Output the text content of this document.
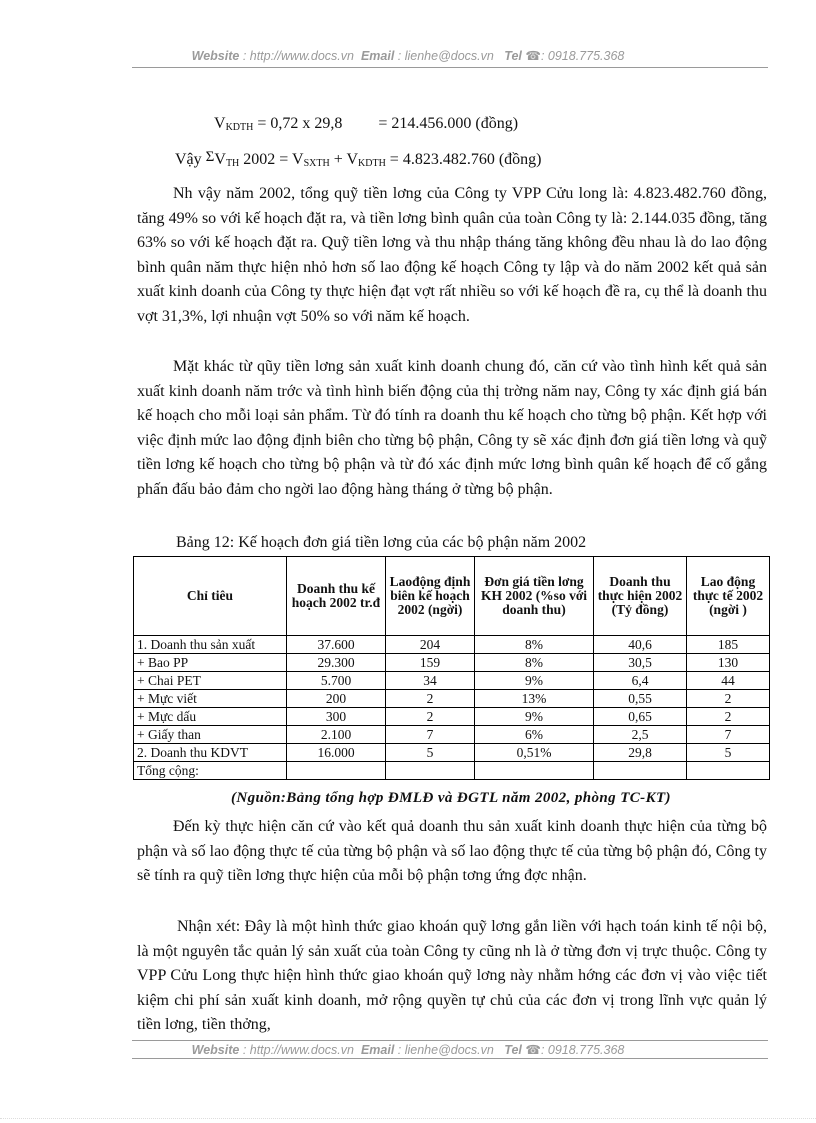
Website : http://www.docs.vn Email : lienhe@docs.vn Tel ☎: 0918.775.368
$V_{KDTH} = 0,72$ x 29,8 = 214.456.000 (đồng)
Vậy $\Sigma V_{TH}$ $2002 = V_{SXTH} + V_{KDTH} = 4.823.482.760$ (đồng)

Nh vậy năm 2002, tổng quỹ tiền lơng của Công ty VPP Cửu long là: 4.823.482.760 đồng, tăng 49% so với kế hoạch đặt ra, và tiền lơng bình quân của toàn Công ty là: 2.144.035 đồng, tăng 63% so với kế hoạch đặt ra. Quỹ tiền lơng và thu nhập tháng tăng không đều nhau là do lao động bình quân năm thực hiện nhỏ hơn số lao động kế hoạch Công ty lập và do năm 2002 kết quả sản xuất kinh doanh của Công ty thực hiện đạt vợt rất nhiều so với kế hoạch đề ra, cụ thể là doanh thu vợt 31,3%, lợi nhuận vợt 50% so với năm kế hoạch.

Mặt khác từ qũy tiền lơng sản xuất kinh doanh chung đó, căn cứ vào tình hình kết quả sản xuất kinh doanh năm trớc và tình hình biến động của thị trờng năm nay, Công ty xác định giá bán kế hoạch cho mỗi loại sản phẩm. Từ đó tính ra doanh thu kế hoạch cho từng bộ phận. Kết hợp với việc định mức lao động định biên cho từng bộ phận, Công ty sẽ xác định đơn giá tiền lơng và quỹ tiền lơng kế hoạch cho từng bộ phận và từ đó xác định mức lơng bình quân kế hoạch để cố gắng phấn đấu bảo đảm cho ngời lao động hàng tháng ở từng bộ phận.

Bảng 12: Kế hoạch đơn giá tiền lơng của các bộ phận năm 2002
Chỉ tiêu	Doanh thu kế hoạch 2002 tr.đ	Laođộng định biên kế hoạch 2002 (ngời)	Đơn giá tiền lơng KH 2002 (%so với doanh thu)	Doanh thu thực hiện 2002 (Tỷ đồng)	Lao động thực tế 2002 (ngời )
1. Doanh thu sản xuất	37.600	204	8%	40,6	185
+ Bao PP	29.300	159	8%	30,5	130
+ Chai PET	5.700	34	9%	6,4	44
+ Mực viết	200	2	13%	0,55	2
+ Mực dấu	300	2	9%	0,65	2
+ Giấy than	2.100	7	6%	2,5	7
2. Doanh thu KDVT	16.000	5	0,51%	29,8	5
Tổng cộng:					
(Nguồn:Bảng tổng hợp ĐMLĐ và ĐGTL năm 2002, phòng TC-KT)

Đến kỳ thực hiện căn cứ vào kết quả doanh thu sản xuất kinh doanh thực hiện của từng bộ phận và số lao động thực tế của từng bộ phận và số lao động thực tế của từng bộ phận đó, Công ty sẽ tính ra quỹ tiền lơng thực hiện của mỗi bộ phận tơng ứng đợc nhận.

Nhận xét: Đây là một hình thức giao khoán quỹ lơng gắn liền với hạch toán kinh tế nội bộ, là một nguyên tắc quản lý sản xuất của toàn Công ty cũng nh là ở từng đơn vị trực thuộc. Công ty VPP Cửu Long thực hiện hình thức giao khoán quỹ lơng này nhằm hớng các đơn vị vào việc tiết kiệm chi phí sản xuất kinh doanh, mở rộng quyền tự chủ của các đơn vị trong lĩnh vực quản lý tiền lơng, tiền thởng,

Website : http://www.docs.vn Email : lienhe@docs.vn Tel ☎: 0918.775.368
